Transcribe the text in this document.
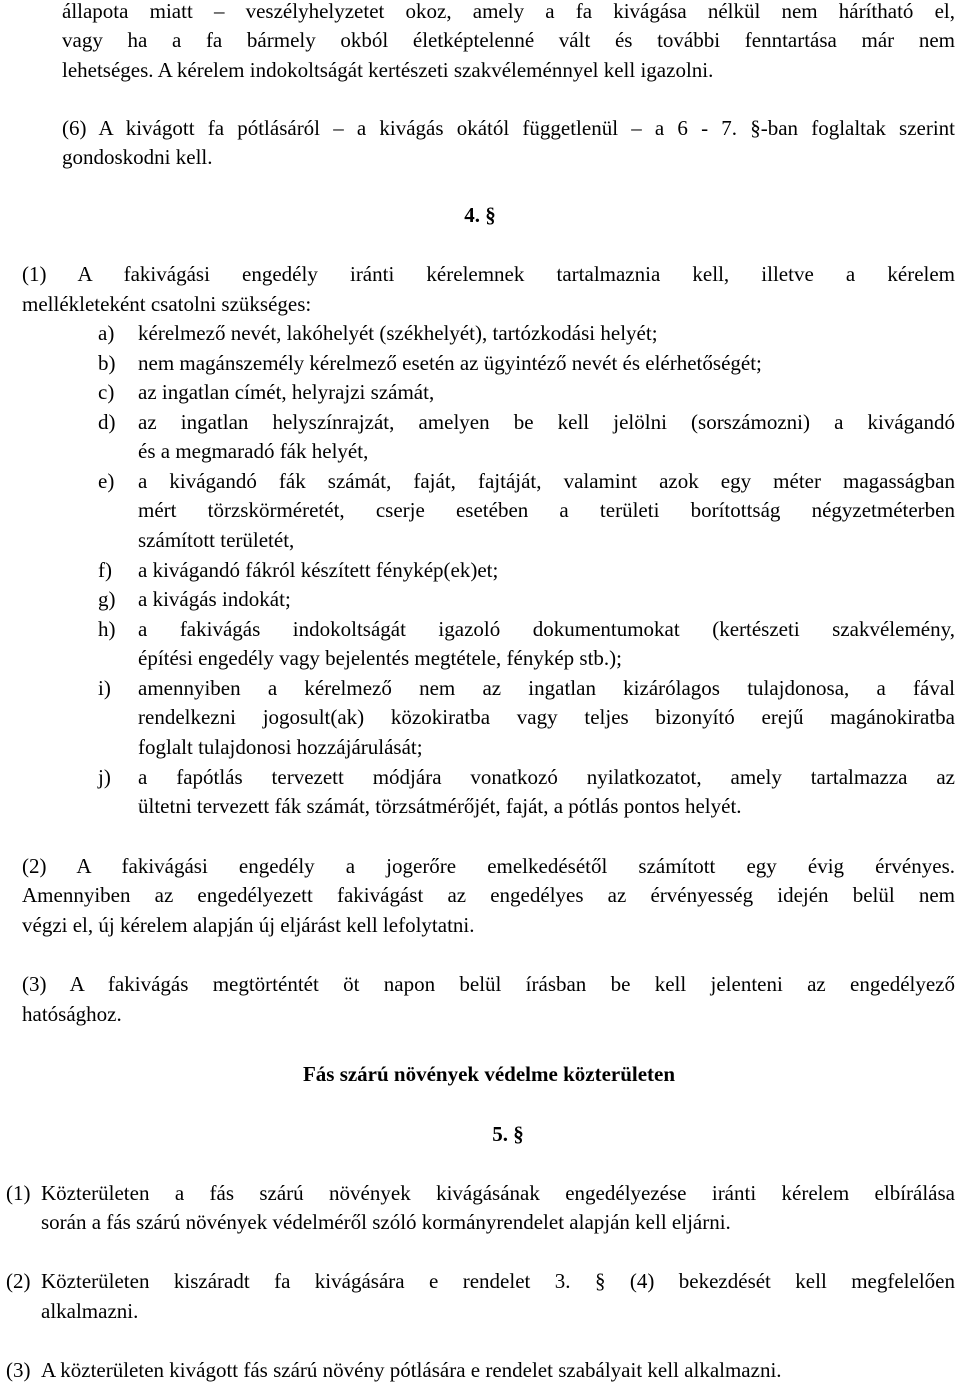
állapota miatt – veszélyhelyzetet okoz, amely a fa kivágása nélkül nem hárítható el,
vagy ha a fa bármely okból életképtelenné vált és további fenntartása már nem
lehetséges. A kérelem indokoltságát kertészeti szakvéleménnyel kell igazolni.
(6) A kivágott fa pótlásáról – a kivágás okától függetlenül – a 6 - 7. §-ban foglaltak szerint
gondoskodni kell.
4. §
(1) A fakivágási engedély iránti kérelemnek tartalmaznia kell, illetve a kérelem
mellékleteként csatolni szükséges:
a) kérelmező nevét, lakóhelyét (székhelyét), tartózkodási helyét;
b) nem magánszemély kérelmező esetén az ügyintéző nevét és elérhetőségét;
c) az ingatlan címét, helyrajzi számát,
d) az ingatlan helyszínrajzát, amelyen be kell jelölni (sorszámozni) a kivágandó
és a megmaradó fák helyét,
e) a kivágandó fák számát, faját, fajtáját, valamint azok egy méter magasságban
mért törzskörméretét, cserje esetében a területi borítottság négyzetméterben
számított területét,
f) a kivágandó fákról készített fénykép(ek)et;
g) a kivágás indokát;
h) a fakivágás indokoltságát igazoló dokumentumokat (kertészeti szakvélemény,
építési engedély vagy bejelentés megtétele, fénykép stb.);
i) amennyiben a kérelmező nem az ingatlan kizárólagos tulajdonosa, a fával
rendelkezni jogosult(ak) közokiratba vagy teljes bizonyító erejű magánokiratba
foglalt tulajdonosi hozzájárulását;
j) a fapótlás tervezett módjára vonatkozó nyilatkozatot, amely tartalmazza az
ültetni tervezett fák számát, törzsátmérőjét, faját, a pótlás pontos helyét.
(2) A fakivágási engedély a jogerőre emelkedésétől számított egy évig érvényes.
Amennyiben az engedélyezett fakivágást az engedélyes az érvényesség idején belül nem
végzi el, új kérelem alapján új eljárást kell lefolytatni.
(3) A fakivágás megtörténtét öt napon belül írásban be kell jelenteni az engedélyező
hatósághoz.
Fás szárú növények védelme közterületen
5. §
(1) Közterületen a fás szárú növények kivágásának engedélyezése iránti kérelem elbírálása
során a fás szárú növények védelméről szóló kormányrendelet alapján kell eljárni.
(2) Közterületen kiszáradt fa kivágására e rendelet 3. § (4) bekezdését kell megfelelően
alkalmazni.
(3) A közterületen kivágott fás szárú növény pótlására e rendelet szabályait kell alkalmazni.
